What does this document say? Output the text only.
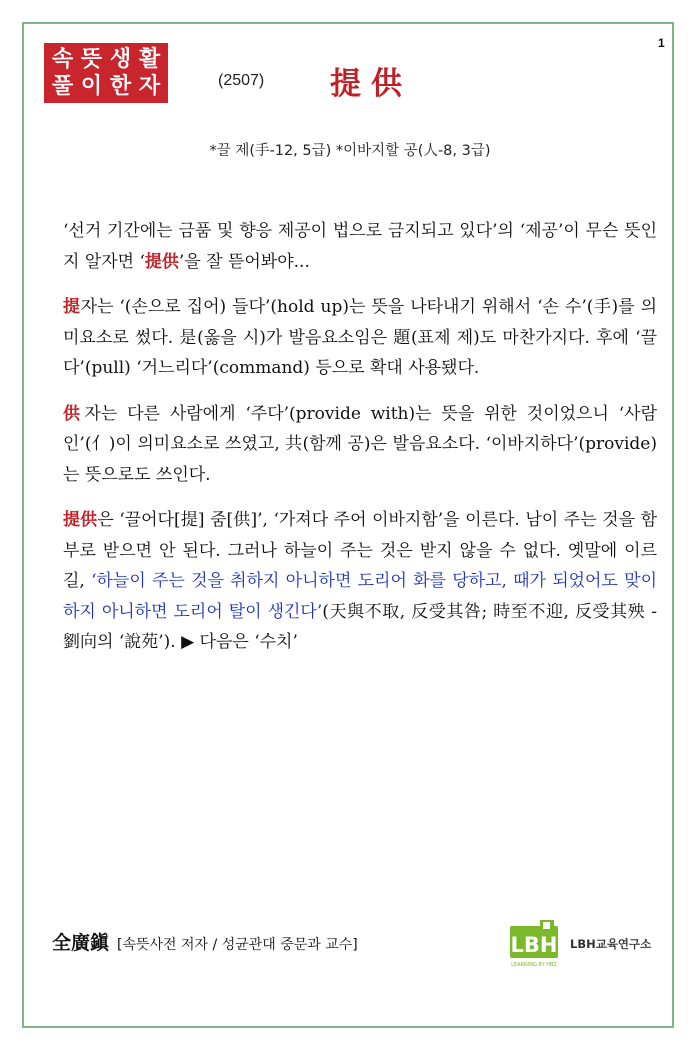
1
속 뜻 생 활
풀 이 한 자	(2507) 提供
*끌 제(手-12, 5급) *이바지할 공(人-8, 3급)

‘선거 기간에는 금품 및 향응 제공이 법으로 금지되고 있다’의 ‘제공’이 무슨 뜻인지 알자면 ‘提供’을 잘 뜯어봐야...

提자는 ‘(손으로 집어) 들다’(hold up)는 뜻을 나타내기 위해서 ‘손 수’(手)를 의미요소로 썼다. 是(옳을 시)가 발음요소임은 題(표제 제)도 마찬가지다. 후에 ‘끌다’(pull) ‘거느리다’(command) 등으로 확대 사용됐다.

供자는 다른 사람에게 ‘주다’(provide with)는 뜻을 위한 것이었으니 ‘사람 인’(亻)이 의미요소로 쓰였고, 共(함께 공)은 발음요소다. ‘이바지하다’(provide)는 뜻으로도 쓰인다.

提供은 ‘끌어다[提] 줌[供]’, ‘가져다 주어 이바지함’을 이른다. 남이 주는 것을 함부로 받으면 안 된다. 그러나 하늘이 주는 것은 받지 않을 수 없다. 옛말에 이르길, ‘하늘이 주는 것을 취하지 아니하면 도리어 화를 당하고, 때가 되었어도 맞이하지 아니하면 도리어 탈이 생긴다’(天與不取, 反受其咎; 時至不迎, 反受其殃 - 劉向의 ‘說苑’). ▶ 다음은 ‘수치’

全廣鎭 [속뜻사전 저자 / 성균관대 중문과 교수]	LBH
LEARNING BY HBZ
LBH교육연구소
